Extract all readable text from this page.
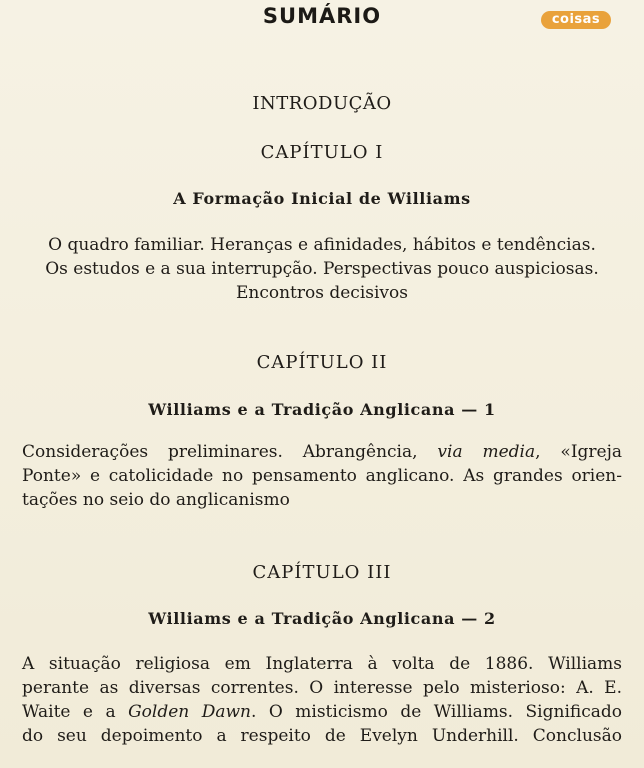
SUMÁRIO	coisas
INTRODUÇÃO
CAPÍTULO I
A Formação Inicial de Williams
O quadro familiar. Heranças e afinidades, hábitos e tendências.
Os estudos e a sua interrupção. Perspectivas pouco auspiciosas.
Encontros decisivos
CAPÍTULO II
Williams e a Tradição Anglicana — 1
Considerações preliminares. Abrangência, via media, «Igreja
Ponte» e catolicidade no pensamento anglicano. As grandes orien-
tações no seio do anglicanismo
CAPÍTULO III
Williams e a Tradição Anglicana — 2
A situação religiosa em Inglaterra à volta de 1886. Williams
perante as diversas correntes. O interesse pelo misterioso: A. E.
Waite e a Golden Dawn. O misticismo de Williams. Significado
do seu depoimento a respeito de Evelyn Underhill. Conclusão
